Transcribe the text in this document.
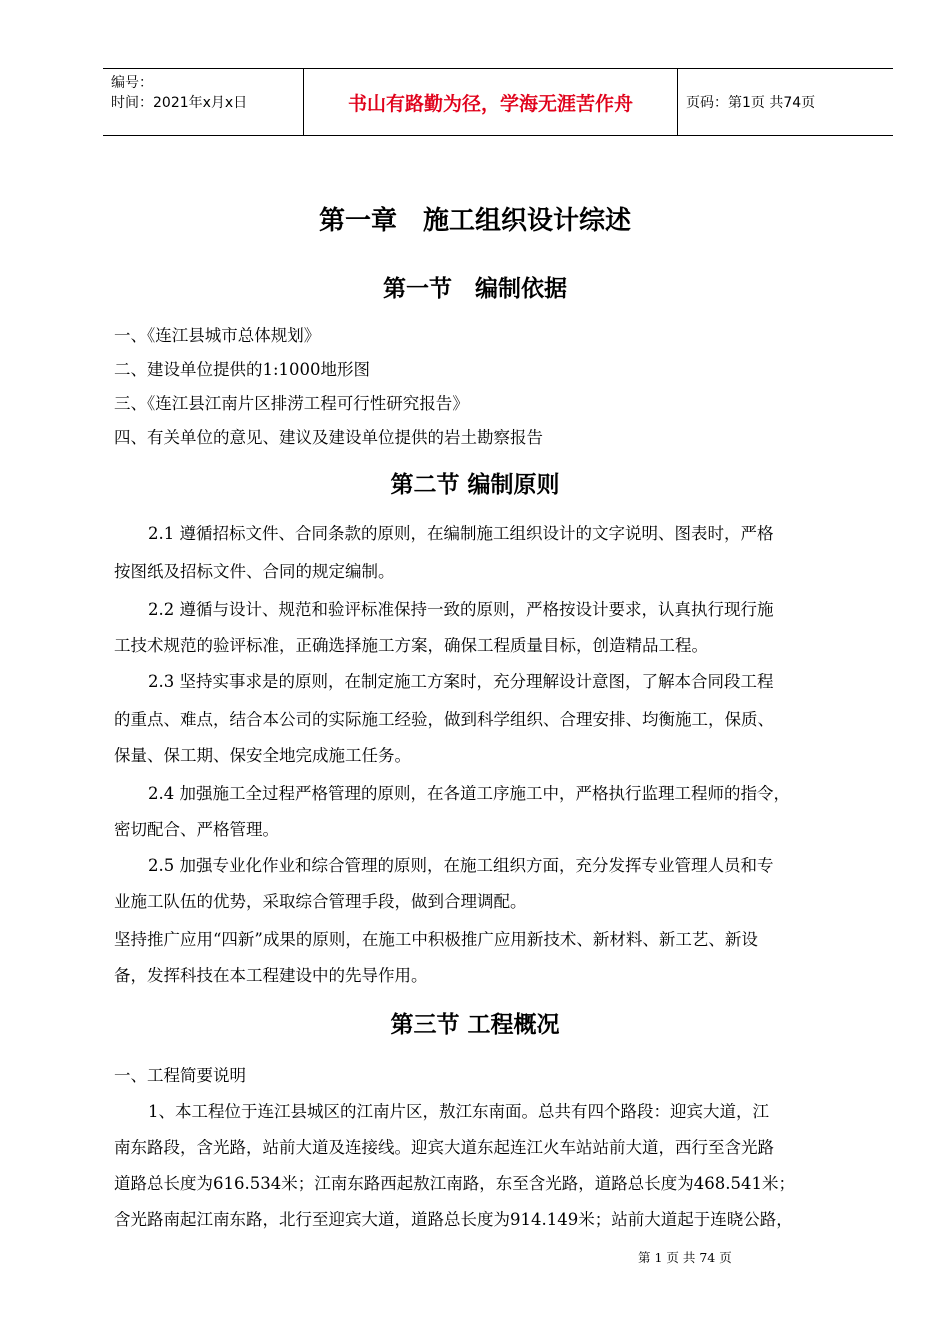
编号：
时间：2021年x月x日	书山有路勤为径，学海无涯苦作舟	页码：第1页 共74页
第一章　施工组织设计综述
第一节　编制依据
一、《连江县城市总体规划》
二、建设单位提供的1:1000地形图
三、《连江县江南片区排涝工程可行性研究报告》
四、有关单位的意见、建议及建设单位提供的岩土勘察报告
第二节 编制原则
2.1 遵循招标文件、合同条款的原则，在编制施工组织设计的文字说明、图表时，严格
按图纸及招标文件、合同的规定编制。
2.2 遵循与设计、规范和验评标准保持一致的原则，严格按设计要求，认真执行现行施
工技术规范的验评标准，正确选择施工方案，确保工程质量目标，创造精品工程。
2.3 坚持实事求是的原则，在制定施工方案时，充分理解设计意图，了解本合同段工程
的重点、难点，结合本公司的实际施工经验，做到科学组织、合理安排、均衡施工，保质、
保量、保工期、保安全地完成施工任务。
2.4 加强施工全过程严格管理的原则，在各道工序施工中，严格执行监理工程师的指令，
密切配合、严格管理。
2.5 加强专业化作业和综合管理的原则，在施工组织方面，充分发挥专业管理人员和专
业施工队伍的优势，采取综合管理手段，做到合理调配。
坚持推广应用“四新”成果的原则，在施工中积极推广应用新技术、新材料、新工艺、新设
备，发挥科技在本工程建设中的先导作用。
第三节 工程概况
一、工程简要说明
1、本工程位于连江县城区的江南片区，敖江东南面。总共有四个路段：迎宾大道，江
南东路段，含光路，站前大道及连接线。迎宾大道东起连江火车站站前大道，西行至含光路
道路总长度为616.534米；江南东路西起敖江南路，东至含光路，道路总长度为468.541米；
含光路南起江南东路，北行至迎宾大道，道路总长度为914.149米；站前大道起于连晓公路，
第 1 页 共 74 页
